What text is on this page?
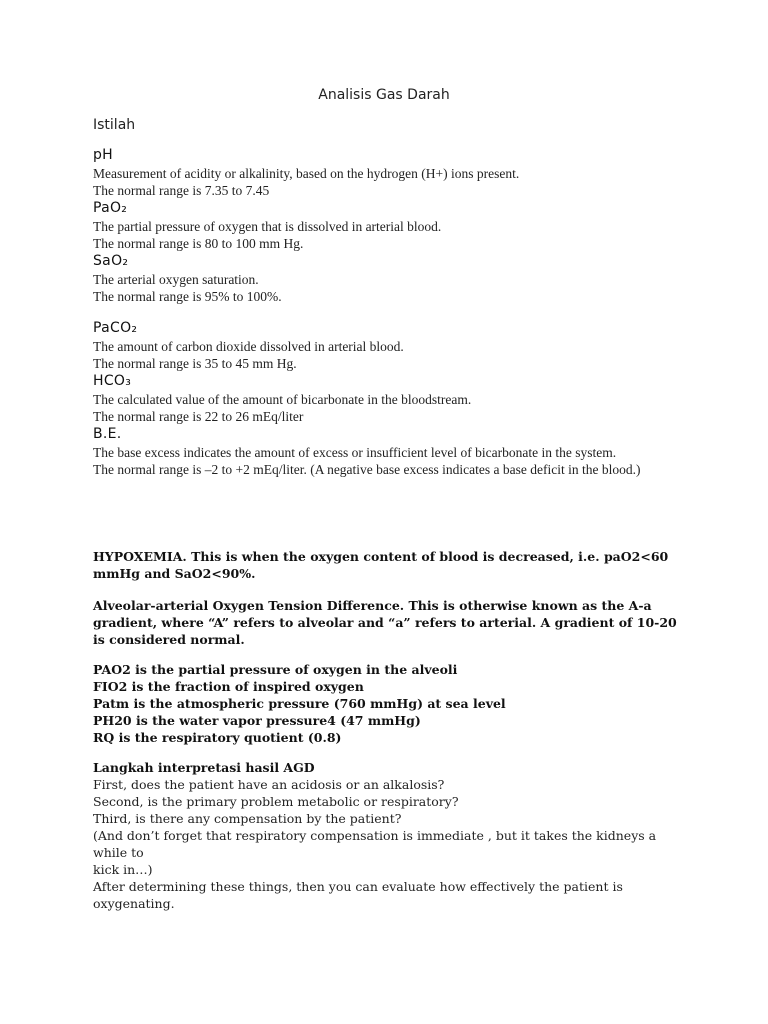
Analisis Gas Darah
Istilah
pH
Measurement of acidity or alkalinity, based on the hydrogen (H+) ions present.
The normal range is 7.35 to 7.45
PaO₂
The partial pressure of oxygen that is dissolved in arterial blood.
The normal range is 80 to 100 mm Hg.
SaO₂
The arterial oxygen saturation.
The normal range is 95% to 100%.
PaCO₂
The amount of carbon dioxide dissolved in arterial blood.
The normal range is 35 to 45 mm Hg.
HCO₃
The calculated value of the amount of bicarbonate in the bloodstream.
The normal range is 22 to 26 mEq/liter
B.E.
The base excess indicates the amount of excess or insufficient level of bicarbonate in the system.
The normal range is –2 to +2 mEq/liter. (A negative base excess indicates a base deficit in the blood.)

HYPOXEMIA. This is when the oxygen content of blood is decreased, i.e. paO2<60 mmHg and SaO2<90%.

Alveolar-arterial Oxygen Tension Difference. This is otherwise known as the A-a gradient, where “A” refers to alveolar and “a” refers to arterial. A gradient of 10-20 is considered normal.

PAO2 is the partial pressure of oxygen in the alveoli
FIO2 is the fraction of inspired oxygen
Patm is the atmospheric pressure (760 mmHg) at sea level
PH20 is the water vapor pressure4 (47 mmHg)
RQ is the respiratory quotient (0.8)
Langkah interpretasi hasil AGD
First, does the patient have an acidosis or an alkalosis?
Second, is the primary problem metabolic or respiratory?
Third, is there any compensation by the patient?
(And don’t forget that respiratory compensation is immediate , but it takes the kidneys a while to
kick in…)
After determining these things, then you can evaluate how effectively the patient is oxygenating.
